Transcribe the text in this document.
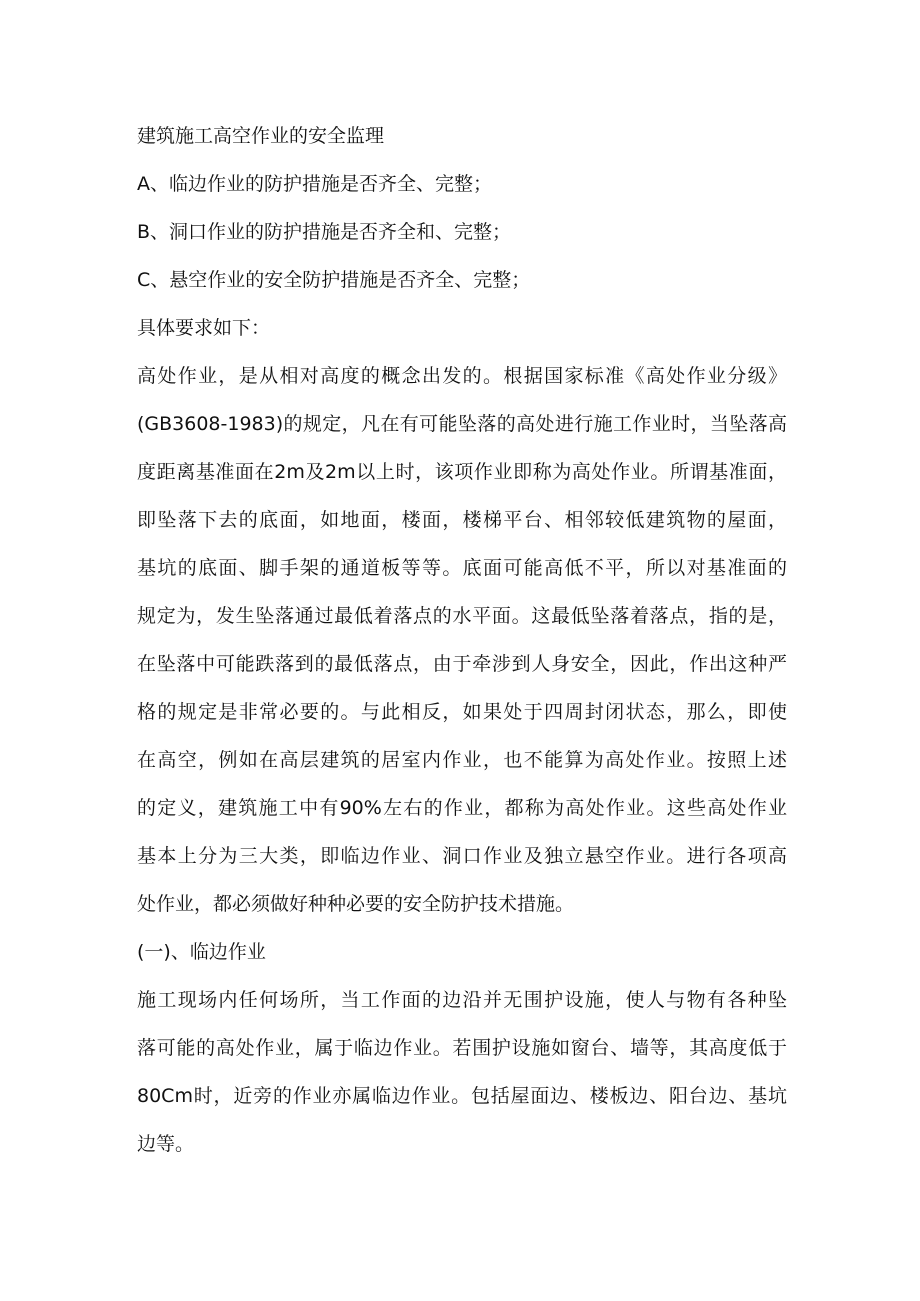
建筑施工高空作业的安全监理
A、临边作业的防护措施是否齐全、完整；
B、洞口作业的防护措施是否齐全和、完整；
C、悬空作业的安全防护措施是否齐全、完整；
具体要求如下：
高处作业，是从相对高度的概念出发的。根据国家标准《高处作业分级》
(GB3608-1983)的规定，凡在有可能坠落的高处进行施工作业时，当坠落高
度距离基准面在2m及2m以上时，该项作业即称为高处作业。所谓基准面，
即坠落下去的底面，如地面，楼面，楼梯平台、相邻较低建筑物的屋面，
基坑的底面、脚手架的通道板等等。底面可能高低不平，所以对基准面的
规定为，发生坠落通过最低着落点的水平面。这最低坠落着落点，指的是，
在坠落中可能跌落到的最低落点，由于牵涉到人身安全，因此，作出这种严
格的规定是非常必要的。与此相反，如果处于四周封闭状态，那么，即使
在高空，例如在高层建筑的居室内作业，也不能算为高处作业。按照上述
的定义，建筑施工中有90%左右的作业，都称为高处作业。这些高处作业
基本上分为三大类，即临边作业、洞口作业及独立悬空作业。进行各项高
处作业，都必须做好种种必要的安全防护技术措施。
(一)、临边作业
施工现场内任何场所，当工作面的边沿并无围护设施，使人与物有各种坠
落可能的高处作业，属于临边作业。若围护设施如窗台、墙等，其高度低于
80Cm时，近旁的作业亦属临边作业。包括屋面边、楼板边、阳台边、基坑
边等。
